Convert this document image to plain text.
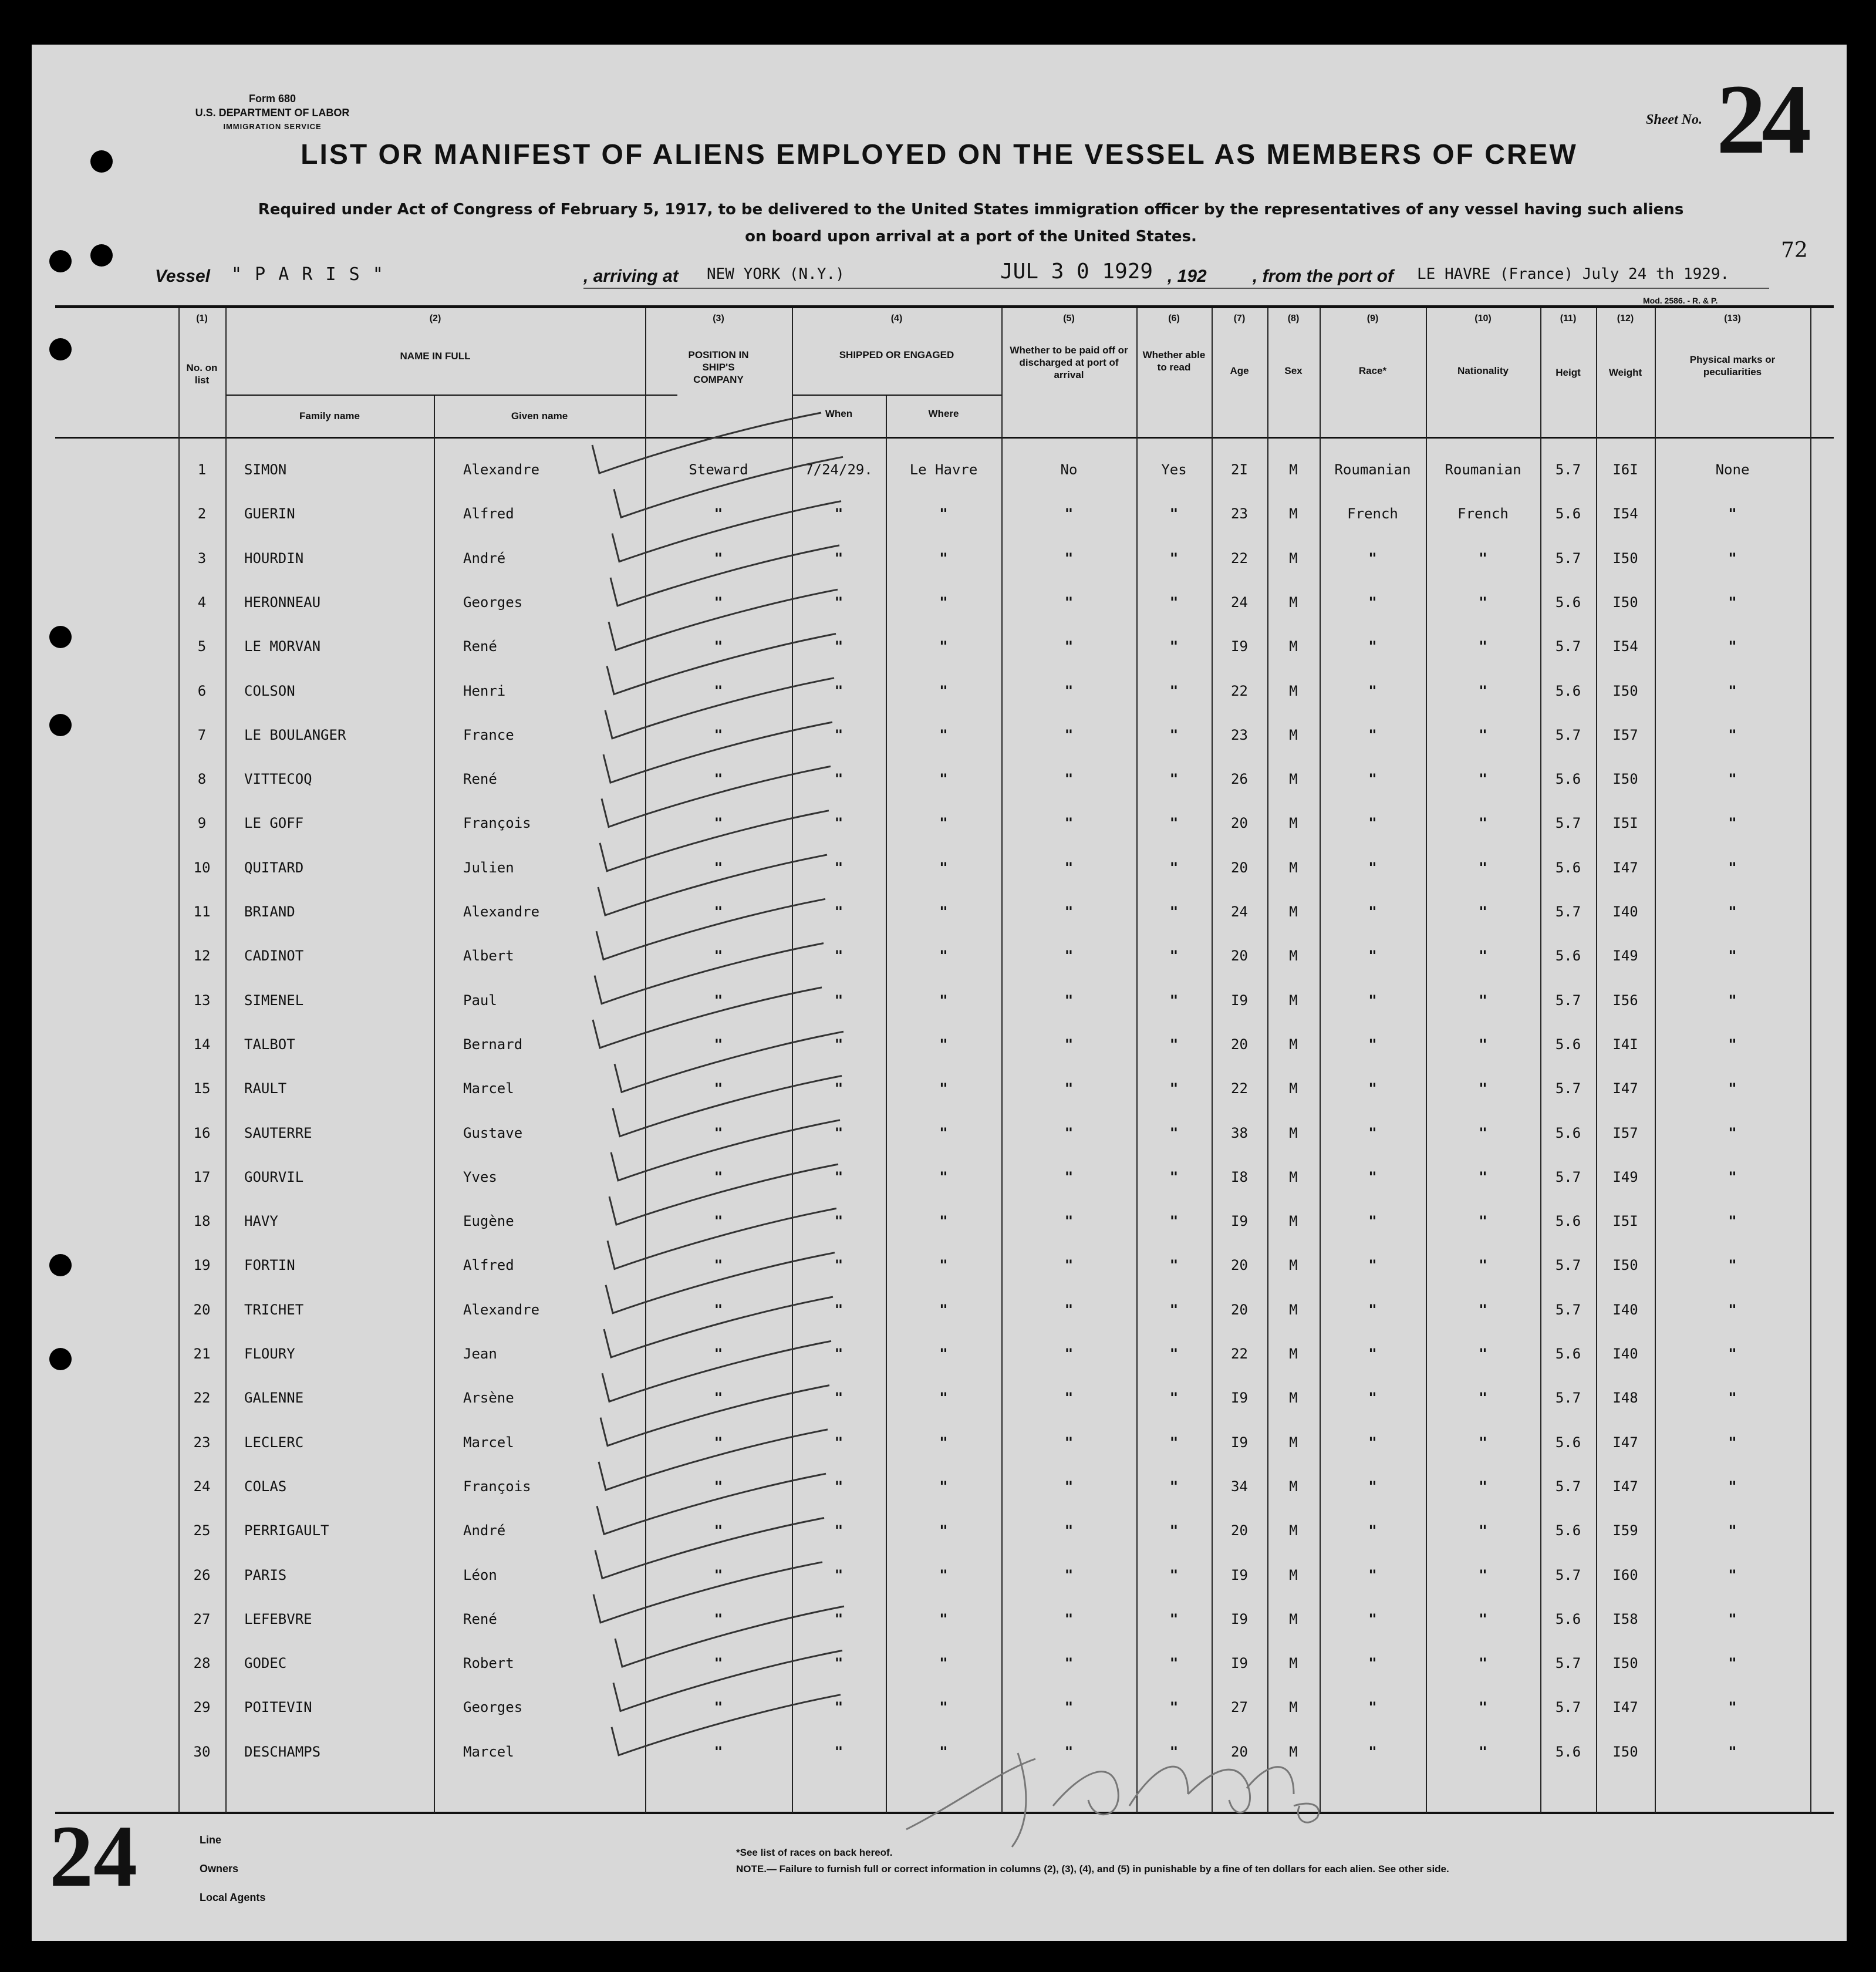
Form 680
U.S. DEPARTMENT OF LABOR
IMMIGRATION SERVICE	Sheet No. 24
72
LIST OR MANIFEST OF ALIENS EMPLOYED ON THE VESSEL AS MEMBERS OF CREW
Required under Act of Congress of February 5, 1917, to be delivered to the United States immigration officer by the representatives of any vessel having such aliens
on board upon arrival at a port of the United States.
Vessel " P A R I S "	, arriving at NEW YORK (N.Y.)	JUL 3 0 1929 , 192	, from the port of LE HAVRE (France) July 24 th 1929.
Mod. 2586. - R. & P.
(1)	(2)	(3)	(4)	(5)	(6)	(7)	(8)	(9)	(10)	(11)	(12)	(13)
No. on list
NAME IN FULL
Family name	Given name
POSITION IN SHIP'S COMPANY
SHIPPED OR ENGAGED
When	Where
Whether to be paid off or discharged at port of arrival
Whether able to read	Age	Sex	Race*	Nationality	Heigt	Weight
Physical marks or peculiarities
1	SIMON	Alexandre	Steward	7/24/29.	Le Havre	No	Yes	2I	M	Roumanian	Roumanian	5.7	I6I	None
2	GUERIN	Alfred	"	"	"	"	"	23	M	French	French	5.6	I54	"
3	HOURDIN	André	"	"	"	"	"	22	M	"	"	5.7	I50	"
4	HERONNEAU	Georges	"	"	"	"	"	24	M	"	"	5.6	I50	"
5	LE MORVAN	René	"	"	"	"	"	I9	M	"	"	5.7	I54	"
6	COLSON	Henri	"	"	"	"	"	22	M	"	"	5.6	I50	"
7	LE BOULANGER	France	"	"	"	"	"	23	M	"	"	5.7	I57	"
8	VITTECOQ	René	"	"	"	"	"	26	M	"	"	5.6	I50	"
9	LE GOFF	François	"	"	"	"	"	20	M	"	"	5.7	I5I	"
10	QUITARD	Julien	"	"	"	"	"	20	M	"	"	5.6	I47	"
11	BRIAND	Alexandre	"	"	"	"	"	24	M	"	"	5.7	I40	"
12	CADINOT	Albert	"	"	"	"	"	20	M	"	"	5.6	I49	"
13	SIMENEL	Paul	"	"	"	"	"	I9	M	"	"	5.7	I56	"
14	TALBOT	Bernard	"	"	"	"	"	20	M	"	"	5.6	I4I	"
15	RAULT	Marcel	"	"	"	"	"	22	M	"	"	5.7	I47	"
16	SAUTERRE	Gustave	"	"	"	"	"	38	M	"	"	5.6	I57	"
17	GOURVIL	Yves	"	"	"	"	"	I8	M	"	"	5.7	I49	"
18	HAVY	Eugène	"	"	"	"	"	I9	M	"	"	5.6	I5I	"
19	FORTIN	Alfred	"	"	"	"	"	20	M	"	"	5.7	I50	"
20	TRICHET	Alexandre	"	"	"	"	"	20	M	"	"	5.7	I40	"
21	FLOURY	Jean	"	"	"	"	"	22	M	"	"	5.6	I40	"
22	GALENNE	Arsène	"	"	"	"	"	I9	M	"	"	5.7	I48	"
23	LECLERC	Marcel	"	"	"	"	"	I9	M	"	"	5.6	I47	"
24	COLAS	François	"	"	"	"	"	34	M	"	"	5.7	I47	"
25	PERRIGAULT	André	"	"	"	"	"	20	M	"	"	5.6	I59	"
26	PARIS	Léon	"	"	"	"	"	I9	M	"	"	5.7	I60	"
27	LEFEBVRE	René	"	"	"	"	"	I9	M	"	"	5.6	I58	"
28	GODEC	Robert	"	"	"	"	"	I9	M	"	"	5.7	I50	"
29	POITEVIN	Georges	"	"	"	"	"	27	M	"	"	5.7	I47	"
30	DESCHAMPS	Marcel	"	"	"	"	"	20	M	"	"	5.6	I50	"
24	Line
Owners
Local Agents
*See list of races on back hereof.
NOTE.— Failure to furnish full or correct information in columns (2), (3), (4), and (5) in punishable by a fine of ten dollars for each alien. See other side.
